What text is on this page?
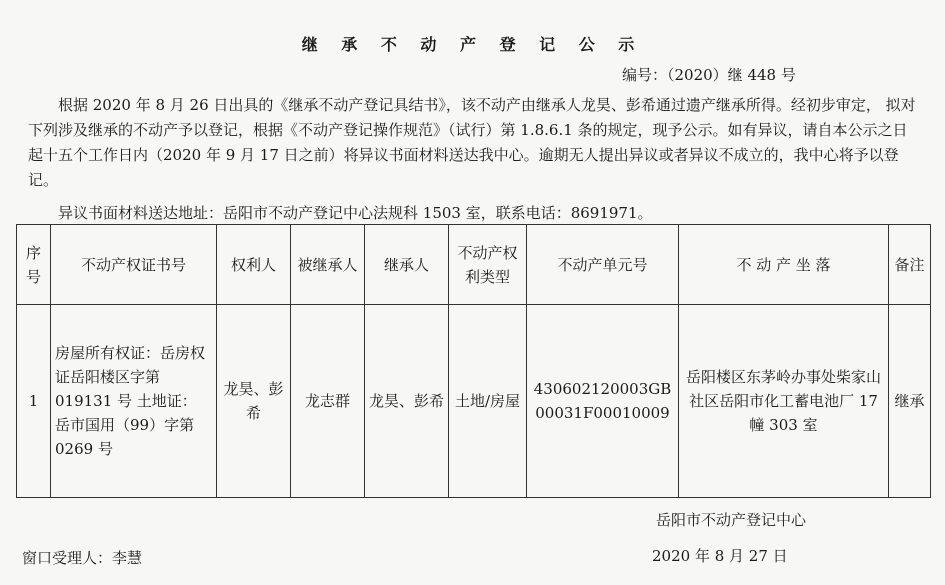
继 承 不 动 产 登 记 公 示
编号：（2020）继 448 号

根据 2020 年 8 月 26 日出具的《继承不动产登记具结书》，该不动产由继承人龙昊、彭希通过遗产继承所得。经初步审定， 拟对下列涉及继承的不动产予以登记，根据《不动产登记操作规范》（试行）第 1.8.6.1 条的规定，现予公示。如有异议，请自本公示之日起十五个工作日内（2020 年 9 月 17 日之前）将异议书面材料送达我中心。逾期无人提出异议或者异议不成立的，我中心将予以登记。

异议书面材料送达地址：岳阳市不动产登记中心法规科 1503 室，联系电话：8691971。
序号	不动产权证书号	权利人	被继承人	继承人	不动产权利类型	不动产单元号	不 动 产 坐 落	备注
1	房屋所有权证：岳房权证岳阳楼区字第 019131 号 土地证： 岳市国用（99）字第 0269 号	龙昊、彭希	龙志群	龙昊、彭希	土地/房屋	430602120003GB00031F00010009	岳阳楼区东茅岭办事处柴家山社区岳阳市化工蓄电池厂 17 幢 303 室	继承
岳阳市不动产登记中心
窗口受理人：李慧	2020 年 8 月 27 日
